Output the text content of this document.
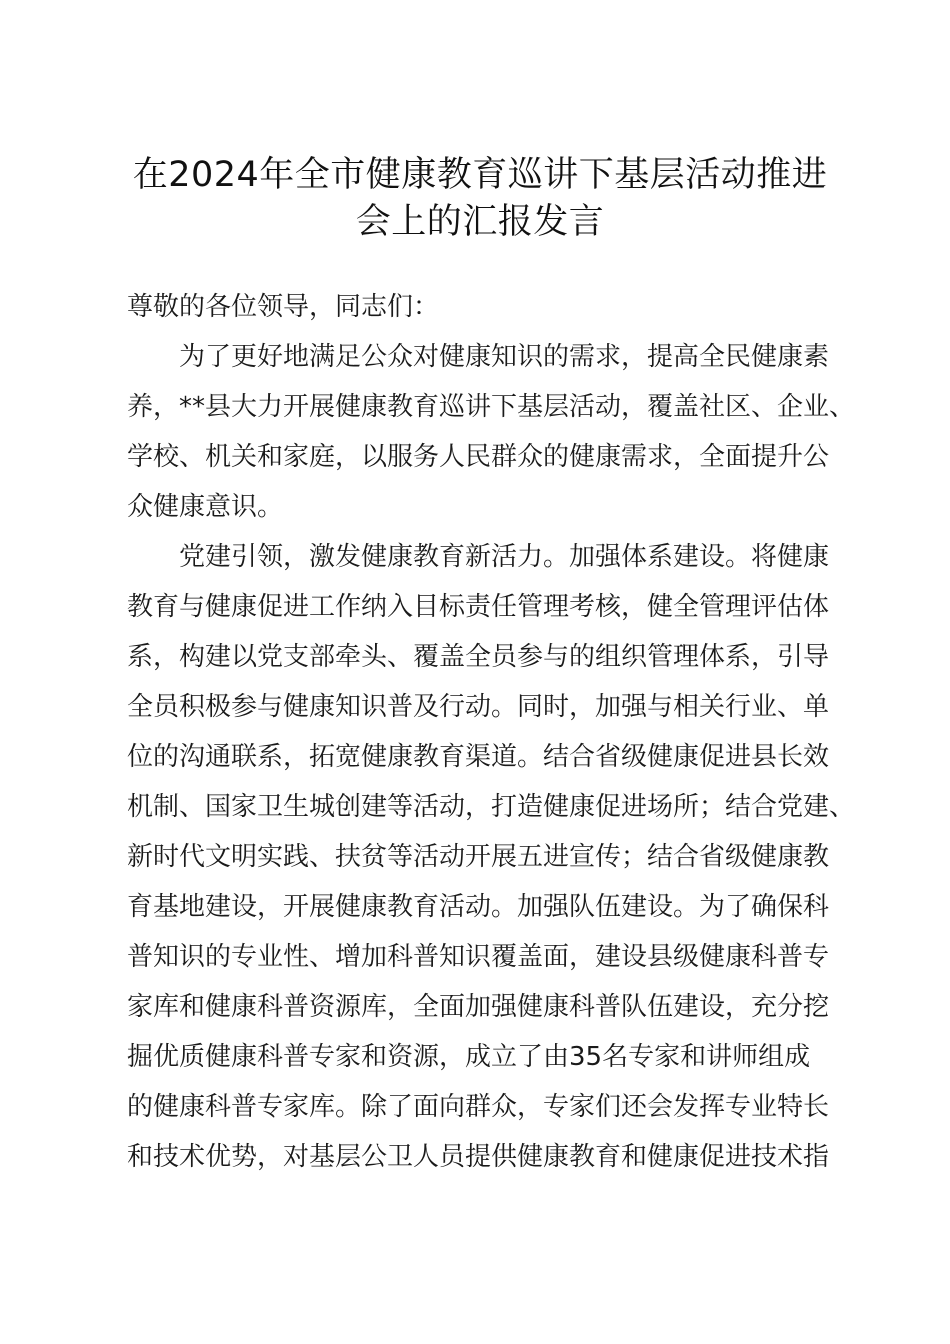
在2024年全市健康教育巡讲下基层活动推进
会上的汇报发言

尊敬的各位领导，同志们：

为了更好地满足公众对健康知识的需求，提高全民健康素
养，**县大力开展健康教育巡讲下基层活动，覆盖社区、企业、
学校、机关和家庭，以服务人民群众的健康需求，全面提升公
众健康意识。

党建引领，激发健康教育新活力。加强体系建设。将健康
教育与健康促进工作纳入目标责任管理考核，健全管理评估体
系，构建以党支部牵头、覆盖全员参与的组织管理体系，引导
全员积极参与健康知识普及行动。同时，加强与相关行业、单
位的沟通联系，拓宽健康教育渠道。结合省级健康促进县长效
机制、国家卫生城创建等活动，打造健康促进场所；结合党建、
新时代文明实践、扶贫等活动开展五进宣传；结合省级健康教
育基地建设，开展健康教育活动。加强队伍建设。为了确保科
普知识的专业性、增加科普知识覆盖面，建设县级健康科普专
家库和健康科普资源库，全面加强健康科普队伍建设，充分挖
掘优质健康科普专家和资源，成立了由35名专家和讲师组成
的健康科普专家库。除了面向群众，专家们还会发挥专业特长
和技术优势，对基层公卫人员提供健康教育和健康促进技术指
